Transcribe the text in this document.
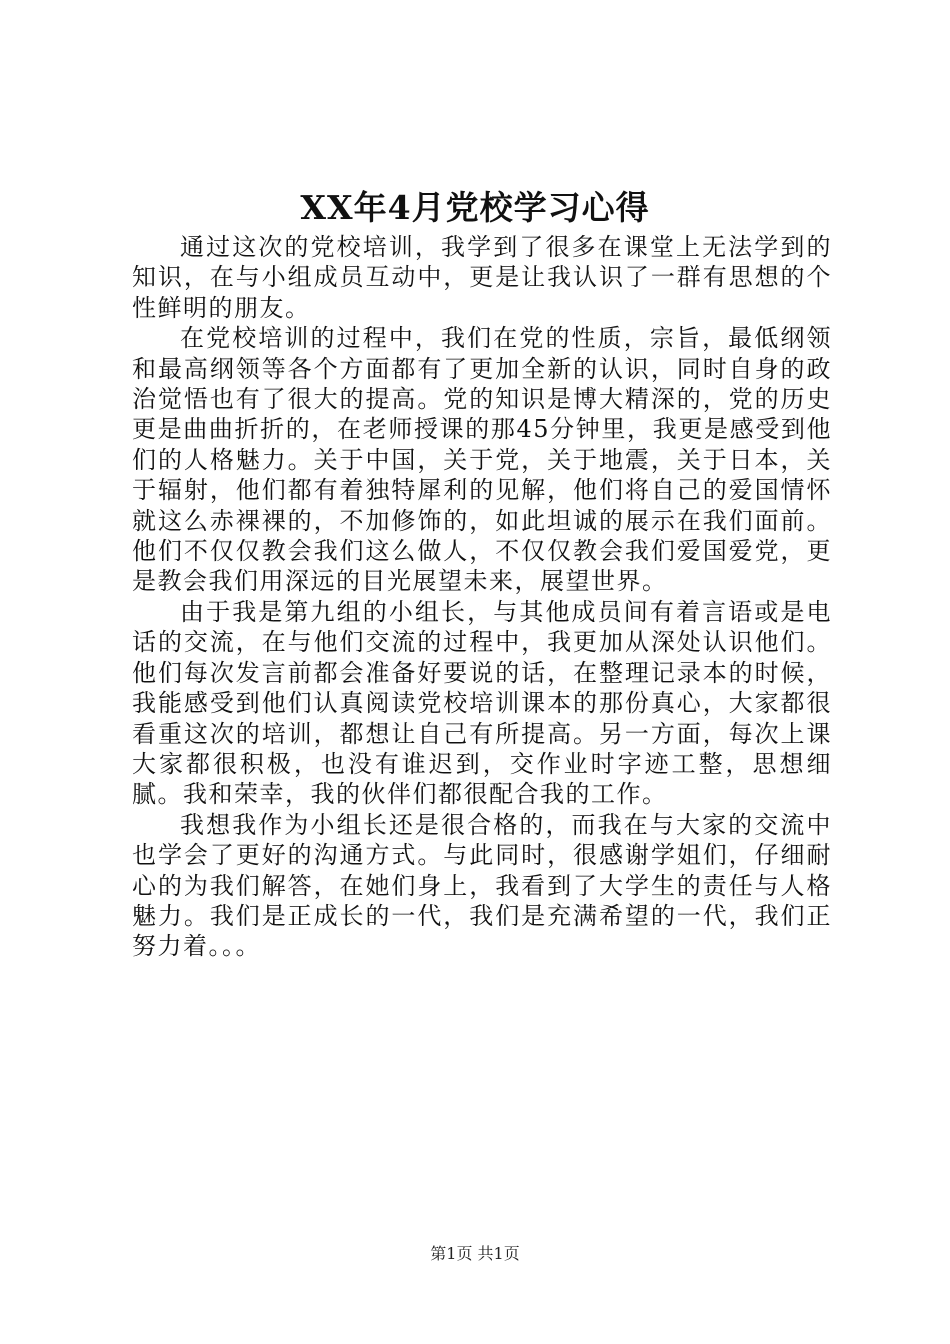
XX年4月党校学习心得

通过这次的党校培训，我学到了很多在课堂上无法学到的知识，在与小组成员互动中，更是让我认识了一群有思想的个性鲜明的朋友。

在党校培训的过程中，我们在党的性质，宗旨，最低纲领和最高纲领等各个方面都有了更加全新的认识，同时自身的政治觉悟也有了很大的提高。党的知识是博大精深的，党的历史更是曲曲折折的，在老师授课的那45分钟里，我更是感受到他们的人格魅力。关于中国，关于党，关于地震，关于日本，关于辐射，他们都有着独特犀利的见解，他们将自己的爱国情怀就这么赤裸裸的，不加修饰的，如此坦诚的展示在我们面前。他们不仅仅教会我们这么做人，不仅仅教会我们爱国爱党，更是教会我们用深远的目光展望未来，展望世界。

由于我是第九组的小组长，与其他成员间有着言语或是电话的交流，在与他们交流的过程中，我更加从深处认识他们。他们每次发言前都会准备好要说的话，在整理记录本的时候，我能感受到他们认真阅读党校培训课本的那份真心，大家都很看重这次的培训，都想让自己有所提高。另一方面，每次上课大家都很积极，也没有谁迟到，交作业时字迹工整，思想细腻。我和荣幸，我的伙伴们都很配合我的工作。

我想我作为小组长还是很合格的，而我在与大家的交流中也学会了更好的沟通方式。与此同时，很感谢学姐们，仔细耐心的为我们解答，在她们身上，我看到了大学生的责任与人格魅力。我们是正成长的一代，我们是充满希望的一代，我们正努力着。。。

第1页 共1页
